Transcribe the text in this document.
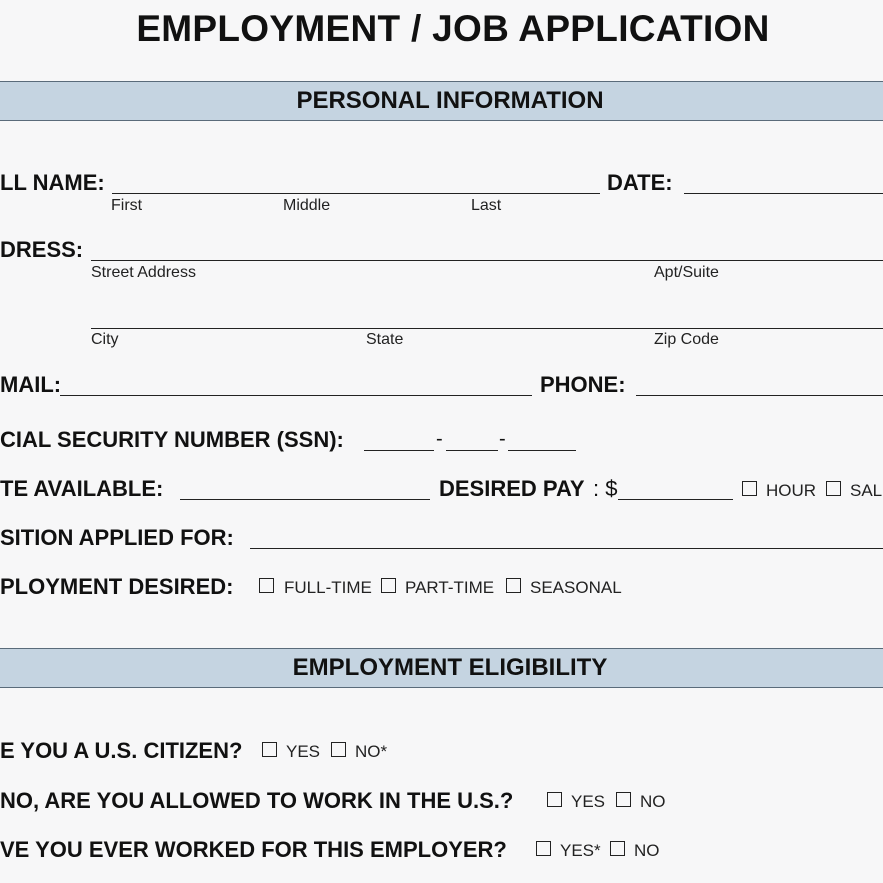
EMPLOYMENT / JOB APPLICATION
PERSONAL INFORMATION
LL NAME:	DATE:
First	Middle	Last
DRESS:
Street Address	Apt/Suite
City	State	Zip Code
MAIL:	PHONE:
CIAL SECURITY NUMBER (SSN):	-	-
TE AVAILABLE:	DESIRED PAY : $	HOUR SAL
SITION APPLIED FOR:
PLOYMENT DESIRED:	FULL-TIME PART-TIME SEASONAL
EMPLOYMENT ELIGIBILITY
E YOU A U.S. CITIZEN?	YES NO*
NO, ARE YOU ALLOWED TO WORK IN THE U.S.?	YES NO
VE YOU EVER WORKED FOR THIS EMPLOYER?	YES* NO
